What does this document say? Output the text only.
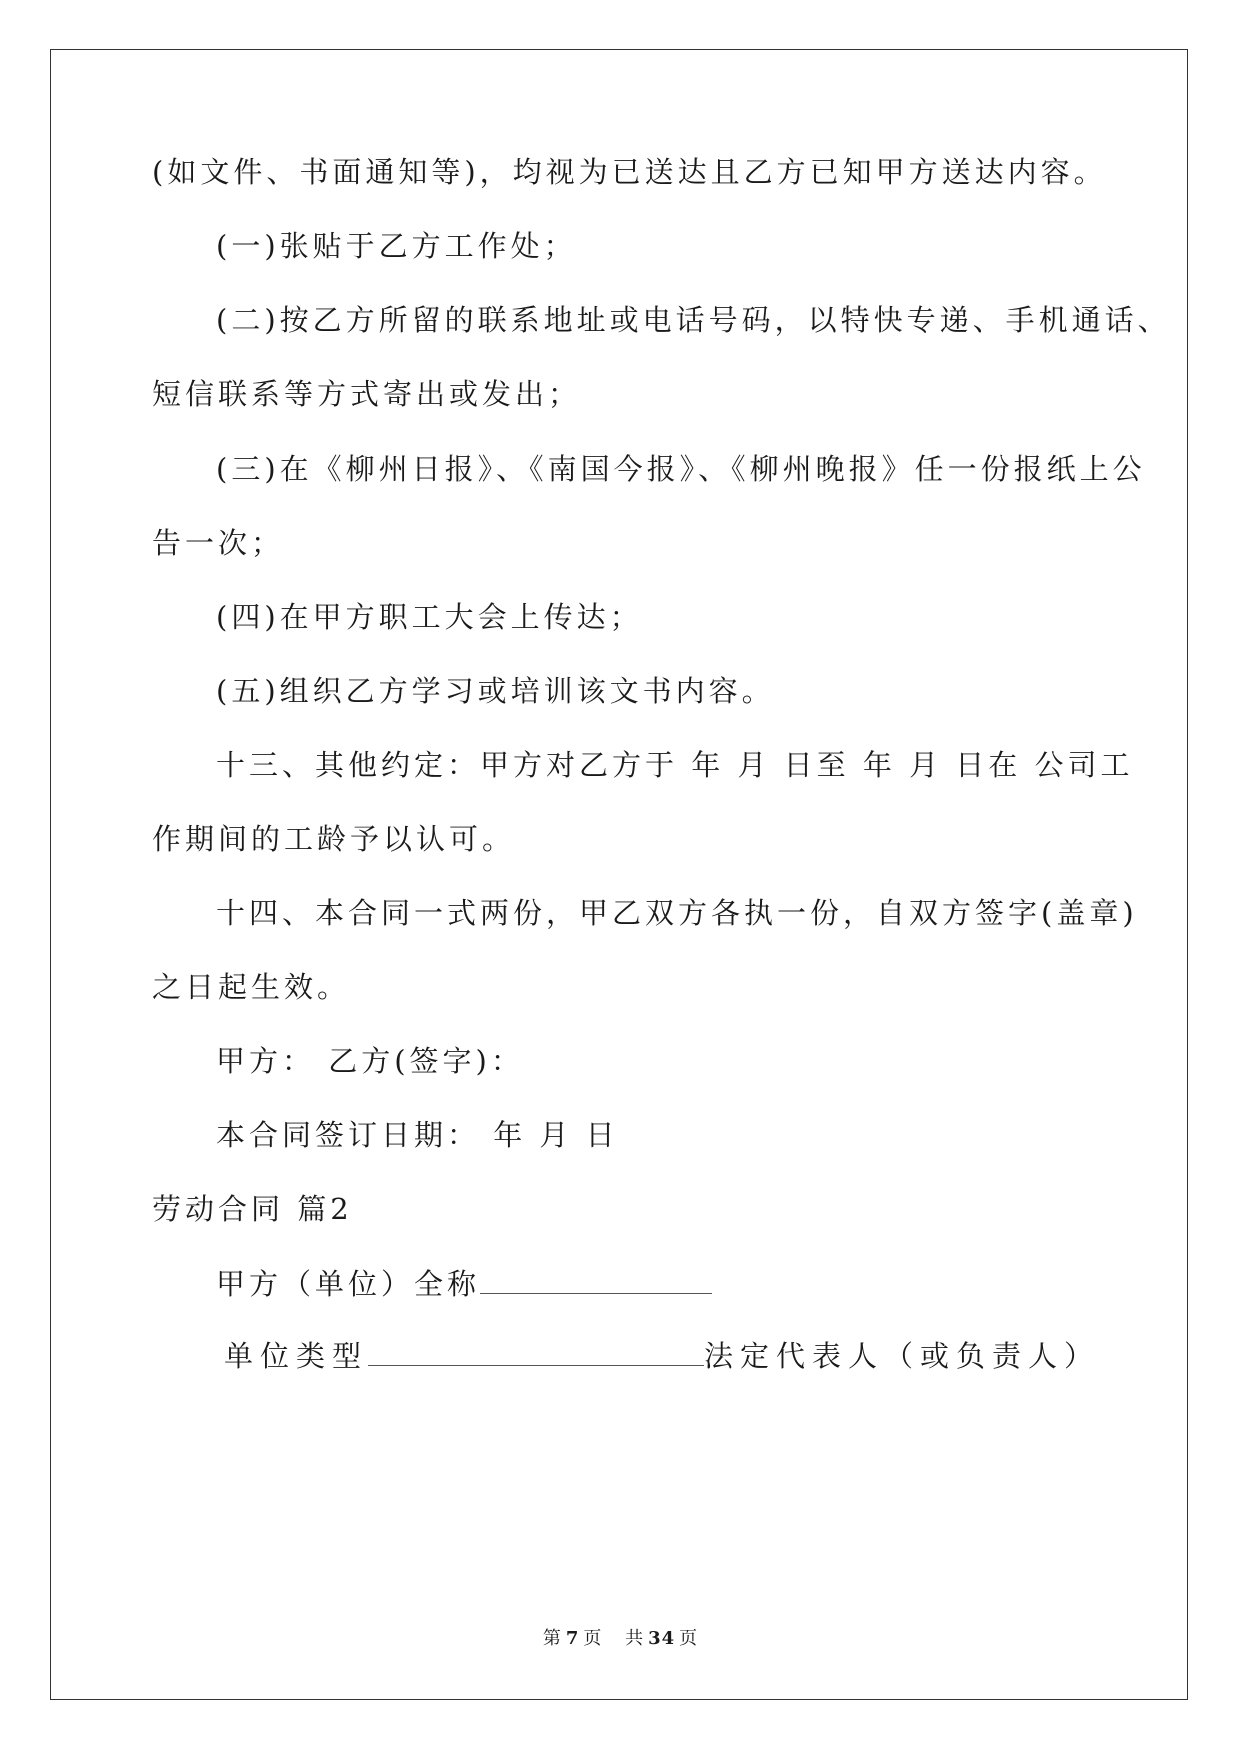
(如文件、书面通知等)，均视为已送达且乙方已知甲方送达内容。
(一)张贴于乙方工作处；
(二)按乙方所留的联系地址或电话号码，以特快专递、手机通话、
短信联系等方式寄出或发出；
(三)在《柳州日报》、《南国今报》、《柳州晚报》任一份报纸上公
告一次；
(四)在甲方职工大会上传达；
(五)组织乙方学习或培训该文书内容。
十三、其他约定：甲方对乙方于 年 月 日至 年 月 日在 公司工
作期间的工龄予以认可。
十四、本合同一式两份，甲乙双方各执一份，自双方签字(盖章)
之日起生效。
甲方： 乙方(签字)：
本合同签订日期： 年 月 日
劳动合同 篇2
甲方（单位）全称
单位类型	法定代表人（或负责人）
第 7 页 共 34 页
